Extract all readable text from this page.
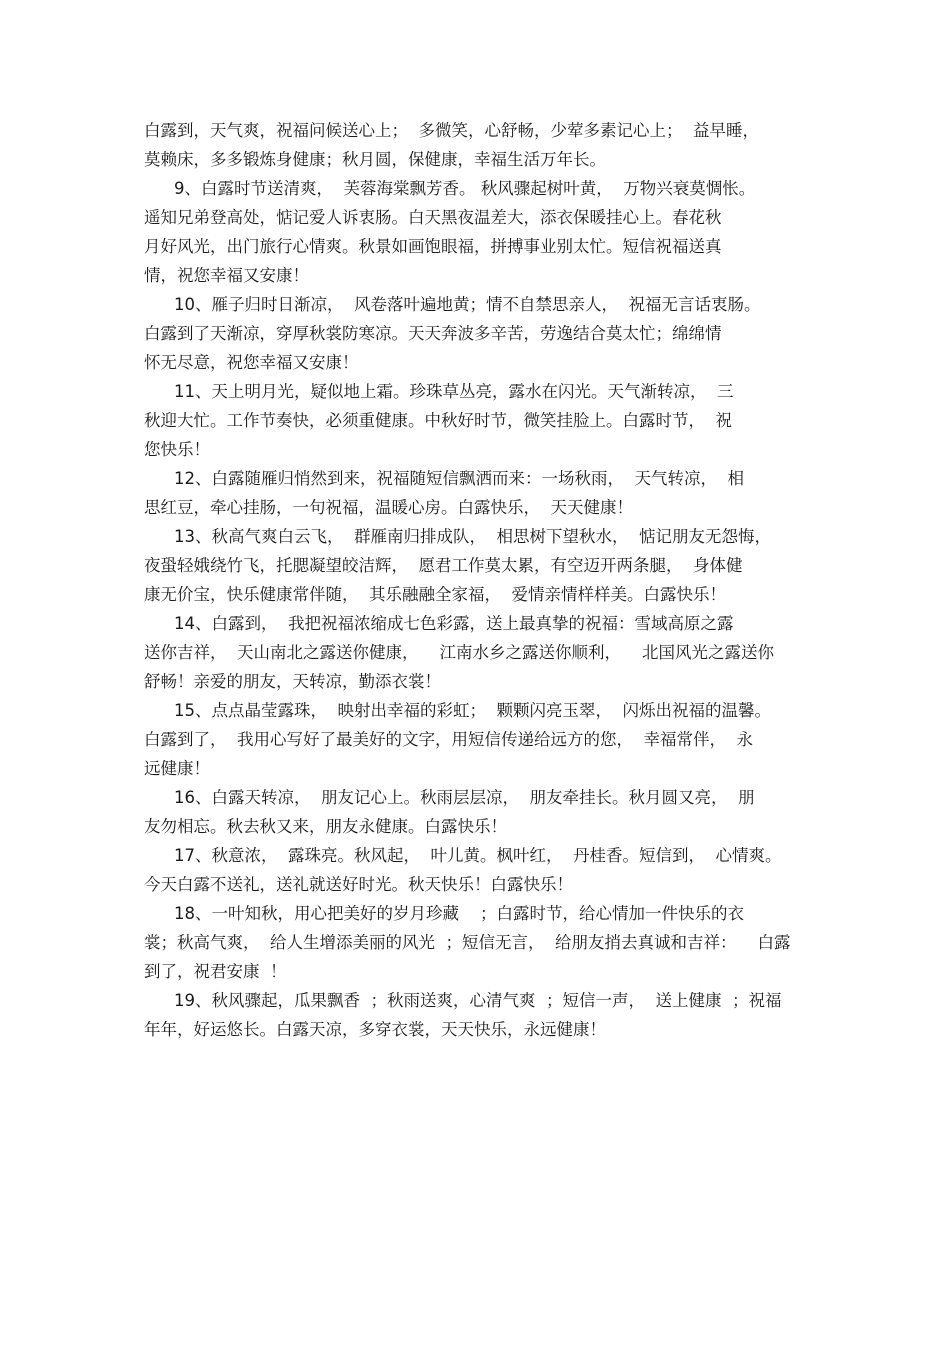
白露到，天气爽，祝福问候送心上；  多微笑，心舒畅，少荤多素记心上；  益早睡，
莫赖床，多多锻炼身健康；秋月圆，保健康，幸福生活万年长。
9、白露时节送清爽，  芙蓉海棠飘芳香。 秋风骤起树叶黄，  万物兴衰莫惆怅。
遥知兄弟登高处，惦记爱人诉衷肠。白天黑夜温差大，添衣保暖挂心上。春花秋
月好风光，出门旅行心情爽。秋景如画饱眼福，拼搏事业别太忙。短信祝福送真
情，祝您幸福又安康！
10、雁子归时日渐凉，  风卷落叶遍地黄；情不自禁思亲人，  祝福无言话衷肠。
白露到了天渐凉，穿厚秋裳防寒凉。天天奔波多辛苦，劳逸结合莫太忙；绵绵情
怀无尽意，祝您幸福又安康！
11、天上明月光，疑似地上霜。珍珠草丛亮，露水在闪光。天气渐转凉，  三
秋迎大忙。工作节奏快，必须重健康。中秋好时节，微笑挂脸上。白露时节，  祝
您快乐！
12、白露随雁归悄然到来，祝福随短信飘洒而来：一场秋雨，  天气转凉，  相
思红豆，牵心挂肠，一句祝福，温暖心房。白露快乐，  天天健康！
13、秋高气爽白云飞，  群雁南归排成队，  相思树下望秋水，  惦记朋友无怨悔，
夜蛩轻娥绕竹飞，托腮凝望皎洁辉，  愿君工作莫太累，有空迈开两条腿，  身体健
康无价宝，快乐健康常伴随，  其乐融融全家福，  爱情亲情样样美。白露快乐！
14、白露到，  我把祝福浓缩成七色彩露，送上最真挚的祝福：雪域高原之露
送你吉祥，  天山南北之露送你健康，    江南水乡之露送你顺利，    北国风光之露送你
舒畅！亲爱的朋友，天转凉，勤添衣裳！
15、点点晶莹露珠，  映射出幸福的彩虹；  颗颗闪亮玉翠，  闪烁出祝福的温馨。
白露到了，  我用心写好了最美好的文字，用短信传递给远方的您，  幸福常伴，  永
远健康！
16、白露天转凉，  朋友记心上。秋雨层层凉，  朋友牵挂长。秋月圆又亮，  朋
友勿相忘。秋去秋又来，朋友永健康。白露快乐！
17、秋意浓，  露珠亮。秋风起，  叶儿黄。枫叶红，  丹桂香。短信到，  心情爽。
今天白露不送礼，送礼就送好时光。秋天快乐！白露快乐！
18、一叶知秋，用心把美好的岁月珍藏    ；白露时节，给心情加一件快乐的衣
裳；秋高气爽，  给人生增添美丽的风光  ；短信无言，  给朋友捎去真诚和吉祥：    白露
到了，祝君安康  ！
19、秋风骤起，瓜果飘香  ；秋雨送爽，心清气爽  ；短信一声，  送上健康  ；祝福
年年，好运悠长。白露天凉，多穿衣裳，天天快乐，永远健康！
